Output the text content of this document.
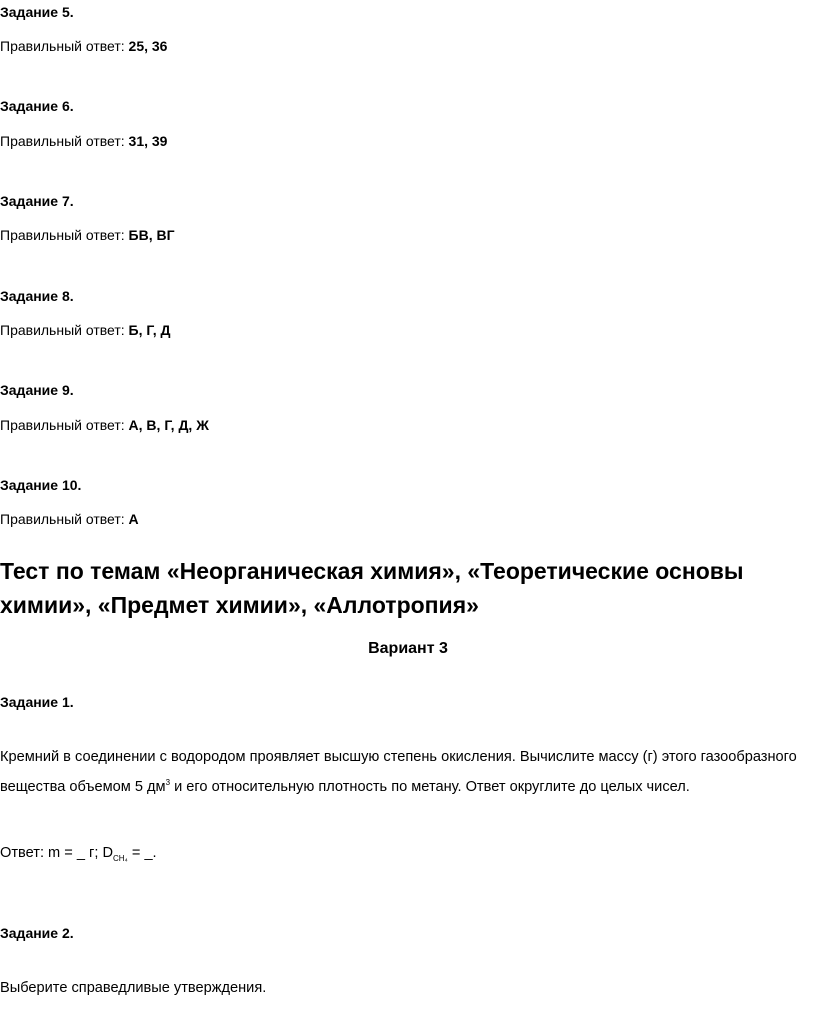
Задание 5.
Правильный ответ: 25, 36
Задание 6.
Правильный ответ: 31, 39
Задание 7.
Правильный ответ: БВ, ВГ
Задание 8.
Правильный ответ: Б, Г, Д
Задание 9.
Правильный ответ: А, В, Г, Д, Ж
Задание 10.
Правильный ответ: А
Тест по темам «Неорганическая химия», «Теоретические основы химии», «Предмет химии», «Аллотропия»
Вариант 3
Задание 1.
Кремний в соединении с водородом проявляет высшую степень окисления. Вычислите массу (г) этого газообразного вещества объемом 5 $дм^3$ и его относительную плотность по метану. Ответ округлите до целых чисел.
Ответ: m = _ г; $D_{CH_4}$ = _.
Задание 2.
Выберите справедливые утверждения.
